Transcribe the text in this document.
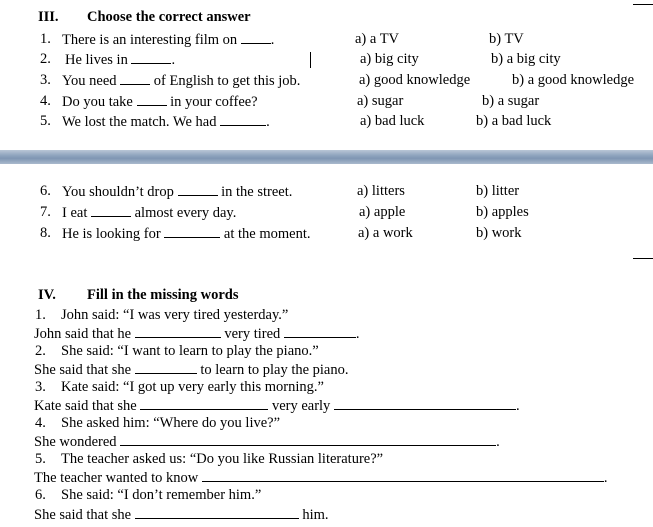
III. Choose the correct answer
1. There is an interesting film on .	a) a TV	b) TV
2. He lives in	.	a) big city	b) a big city
3. You need  of English to get this job.	a) good knowledge	b) a good knowledge
4. Do you take  in your coffee?	a) sugar	b) a sugar
5. We lost the match. We had	.	a) bad luck	b) a bad luck
6. You shouldn’t drop	in the street.	a) litters	b) litter
7. I eat	almost every day.	a) apple	b) apples
8. He is looking for	at the moment.	a) a work	b) work
IV. Fill in the missing words
1. John said: “I was very tired yesterday.”
John said that he	very tired	.
2. She said: “I want to learn to play the piano.”
She said that she	to learn to play the piano.
3. Kate said: “I got up very early this morning.”
Kate said that she	very early	.
4. She asked him: “Where do you live?”
She wondered	.
5. The teacher asked us: “Do you like Russian literature?”
The teacher wanted to know	.
6. She said: “I don’t remember him.”
She said that she	him.
